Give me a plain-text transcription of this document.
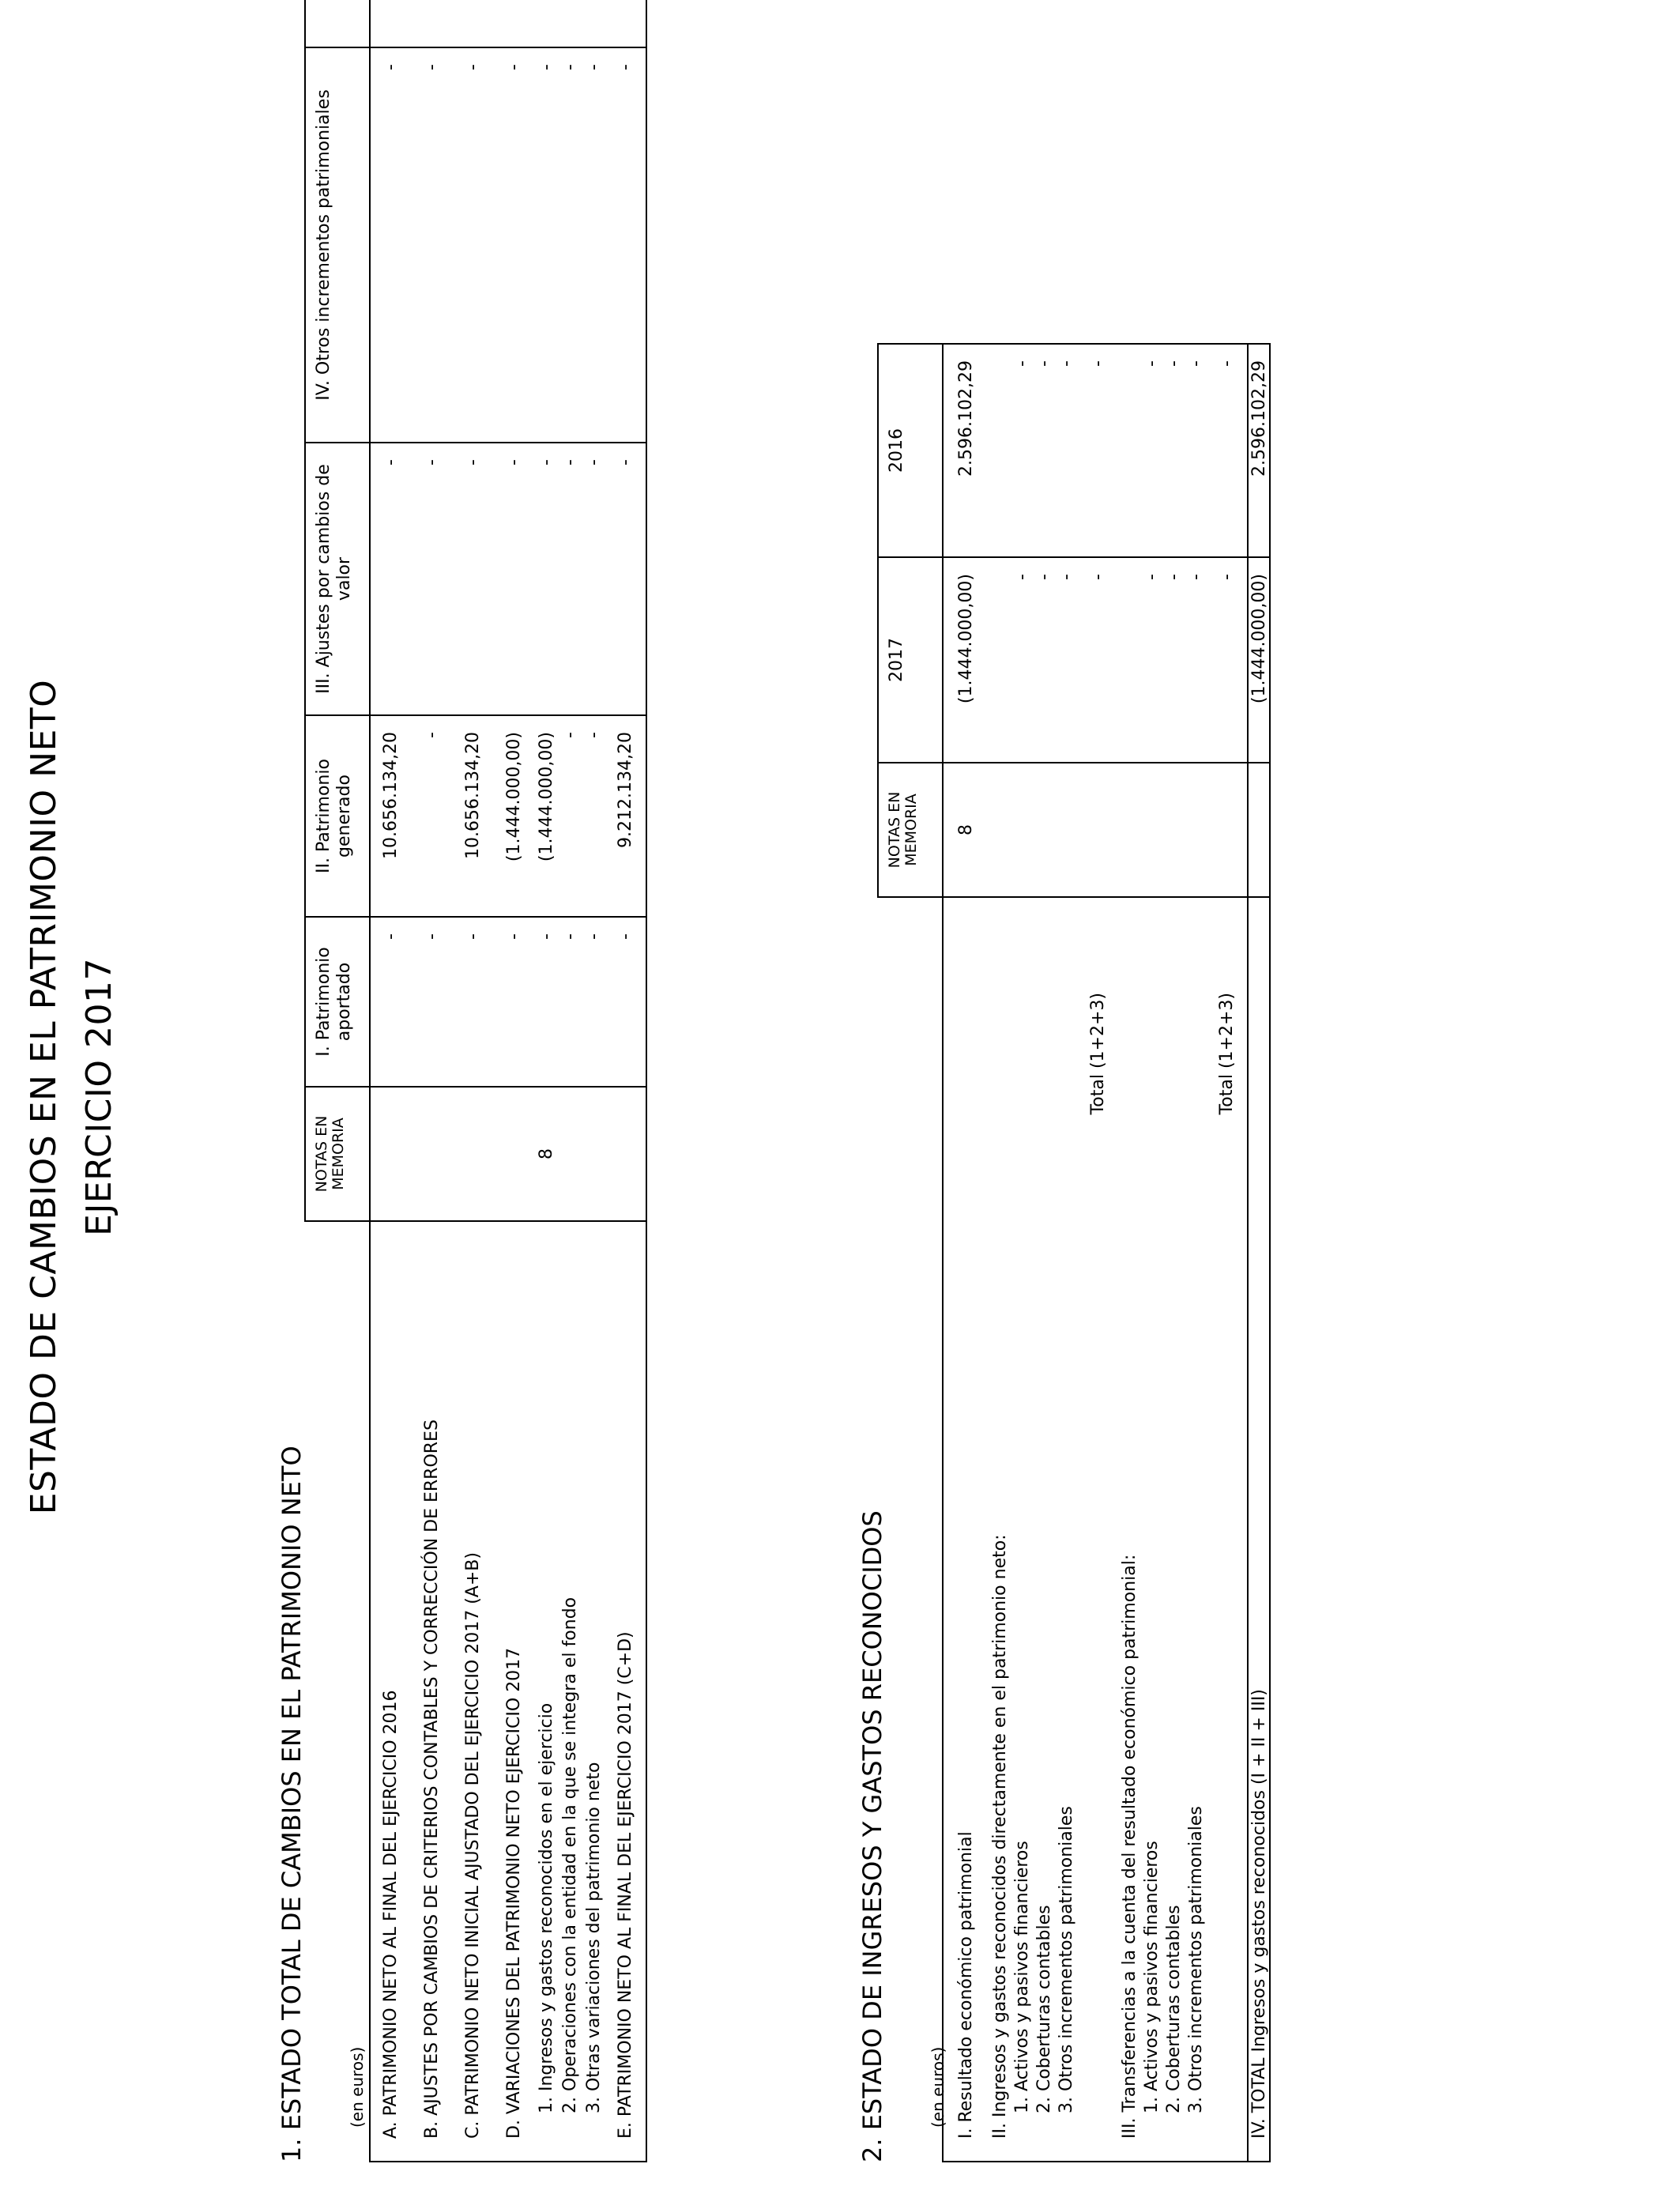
ESTADO DE CAMBIOS EN EL PATRIMONIO NETO EJERCICIO 2017
1. ESTADO TOTAL DE CAMBIOS EN EL PATRIMONIO NETO	(en euros)
	NOTAS EN MEMORIA	I. Patrimonio aportado	II. Patrimonio generado	III. Ajustes por cambios de valor	IV. Otros incrementos patrimoniales	
A. PATRIMONIO NETO AL FINAL DEL EJERCICIO 2016		-	10.656.134,20	-	-	
B. AJUSTES POR CAMBIOS DE CRITERIOS CONTABLES Y CORRECCIÓN DE ERRORES		-	-	-	-	
C. PATRIMONIO NETO INICIAL AJUSTADO DEL EJERCICIO 2017 (A+B)		-	10.656.134,20	-	-	
D. VARIACIONES DEL PATRIMONIO NETO EJERCICIO 2017		-	(1.444.000,00)	-	-	
1. Ingresos y gastos reconocidos en el ejercicio	8	-	(1.444.000,00)	-	-	
2. Operaciones con la entidad en la que se integra el fondo		-	-	-	-	
3. Otras variaciones del patrimonio neto		-	-	-	-	
E. PATRIMONIO NETO AL FINAL DEL EJERCICIO 2017 (C+D)		-	9.212.134,20	-	-	
2. ESTADO DE INGRESOS Y GASTOS RECONOCIDOS	(en euros)
	NOTAS EN MEMORIA	2017	2016	
I. Resultado económico patrimonial	8	(1.444.000,00)	2.596.102,29	
II. Ingresos y gastos reconocidos directamente en el patrimonio neto:				
1. Activos y pasivos financieros		-	-	
2. Coberturas contables		-	-	
3. Otros incrementos patrimoniales		-	-	
Total (1+2+3)		-	-	
III. Transferencias a la cuenta del resultado económico patrimonial:				
1. Activos y pasivos financieros		-	-	
2. Coberturas contables		-	-	
3. Otros incrementos patrimoniales		-	-	
Total (1+2+3)		-	-	
IV. TOTAL Ingresos y gastos reconocidos (I + II + III)		(1.444.000,00)	2.596.102,29	
